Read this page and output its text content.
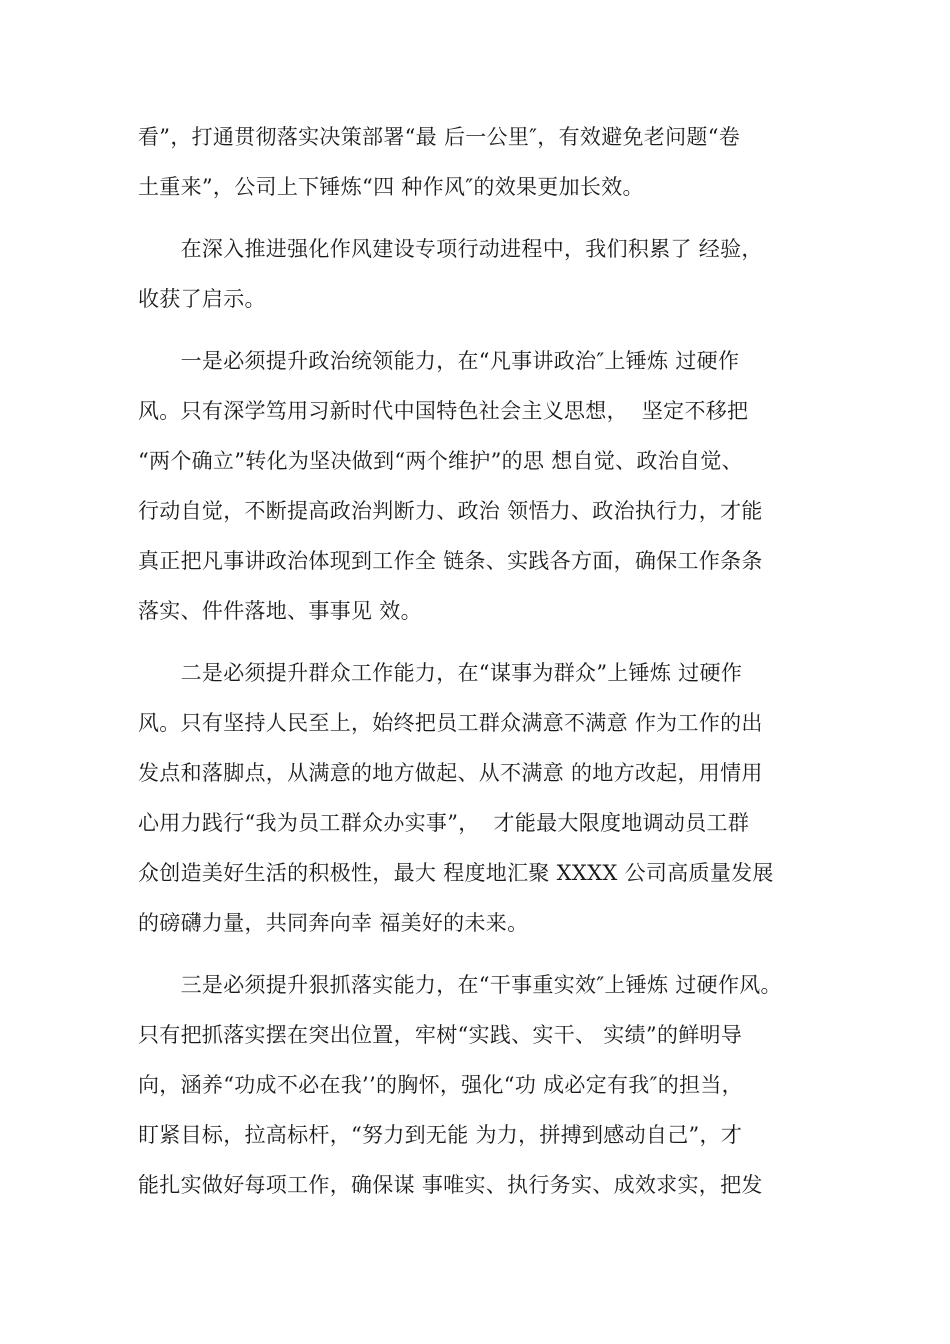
看”，打通贯彻落实决策部署“最 后一公里″，有效避免老问题“卷
土重来”，公司上下锤炼“四 种作风″的效果更加长效。
　　在深入推进强化作风建设专项行动进程中，我们积累了 经验，
收获了启示。
　　一是必须提升政治统领能力，在“凡事讲政治″上锤炼 过硬作
风。只有深学笃用习新时代中国特色社会主义思想，  坚定不移把
“两个确立”转化为坚决做到“两个维护”的思 想自觉、政治自觉、
行动自觉，不断提高政治判断力、政治 领悟力、政治执行力，才能
真正把凡事讲政治体现到工作全 链条、实践各方面，确保工作条条
落实、件件落地、事事见 效。
　　二是必须提升群众工作能力，在“谋事为群众”上锤炼 过硬作
风。只有坚持人民至上，始终把员工群众满意不满意 作为工作的出
发点和落脚点，从满意的地方做起、从不满意 的地方改起，用情用
心用力践行“我为员工群众办实事”，  才能最大限度地调动员工群
众创造美好生活的积极性，最大 程度地汇聚 XXXX 公司高质量发展
的磅礴力量，共同奔向幸 福美好的未来。
　　三是必须提升狠抓落实能力，在“干事重实效″上锤炼 过硬作风。
只有把抓落实摆在突出位置，牢树“实践、实干、 实绩”的鲜明导
向，涵养“功成不必在我’’的胸怀，强化“功 成必定有我″的担当，
盯紧目标，拉高标杆，“努力到无能 为力，拼搏到感动自己”，才
能扎实做好每项工作，确保谋 事唯实、执行务实、成效求实，把发
